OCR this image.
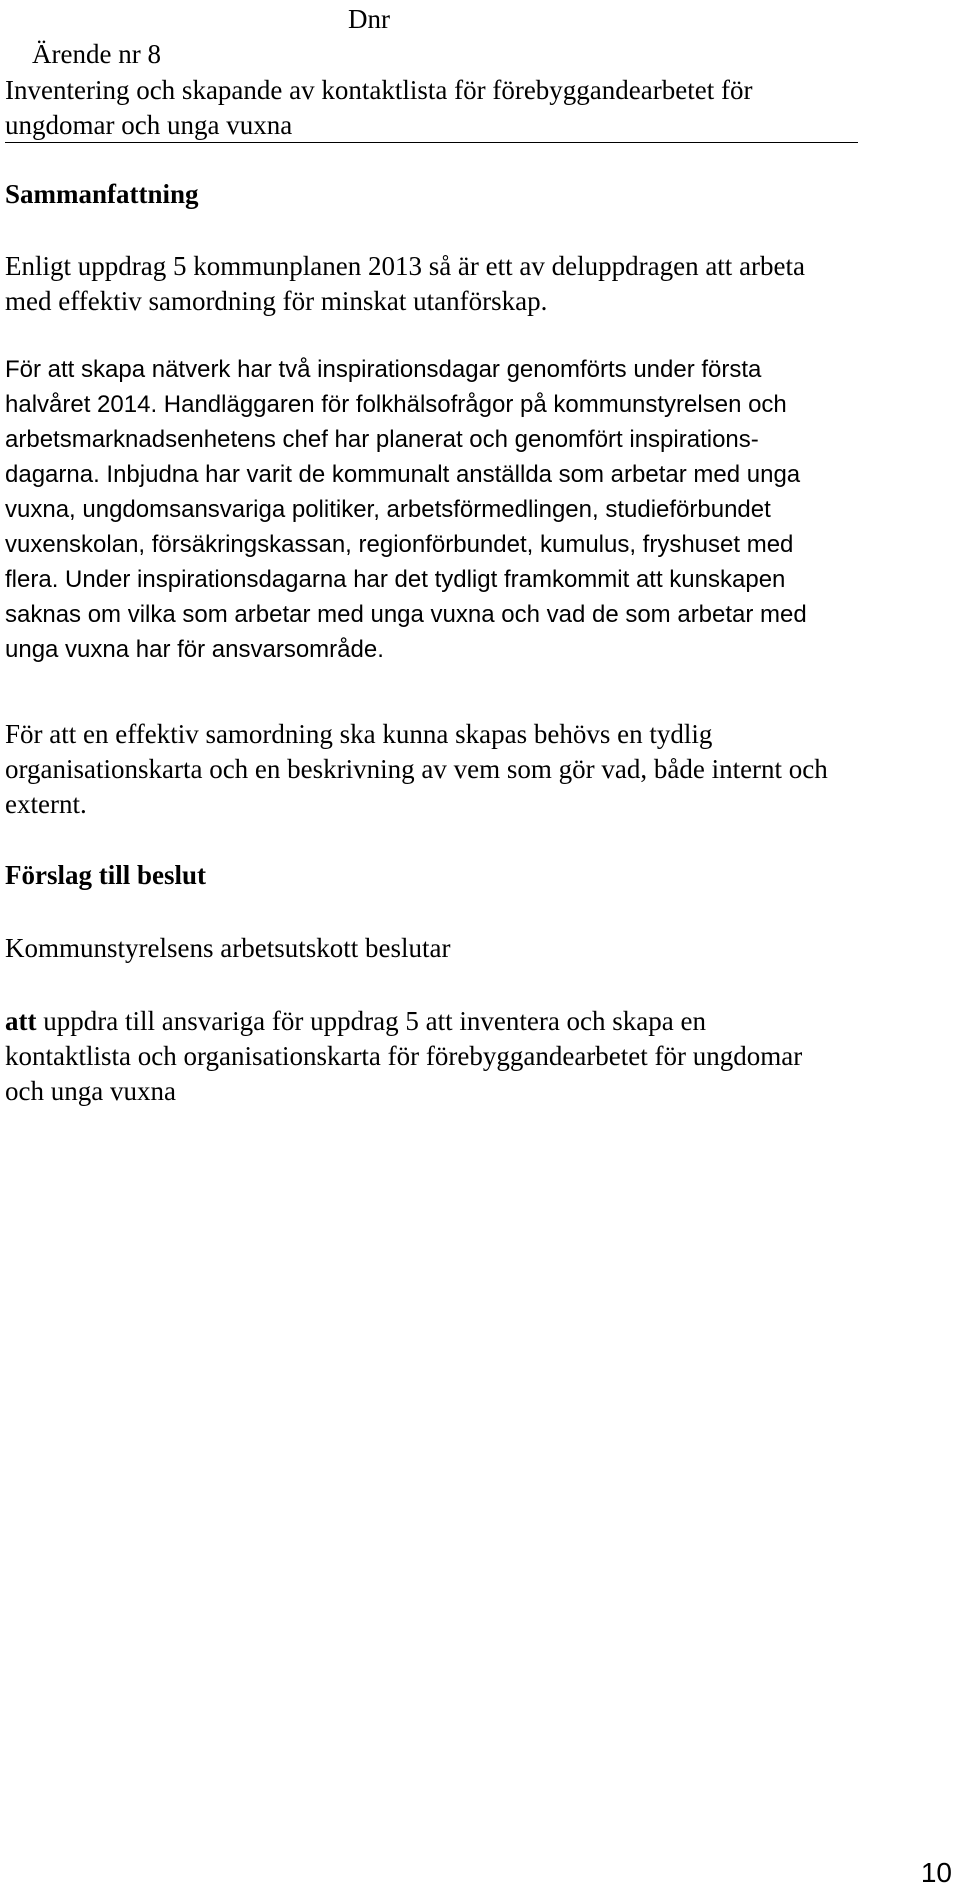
Ärende nr 8

Dnr

Inventering och skapande av kontaktlista för förebyggandearbetet för
ungdomar och unga vuxna
Sammanfattning
Enligt uppdrag 5 kommunplanen 2013 så är ett av deluppdragen att arbeta
med effektiv samordning för minskat utanförskap.
För att skapa nätverk har två inspirationsdagar genomförts under första
halvåret 2014. Handläggaren för folkhälsofrågor på kommunstyrelsen och
arbetsmarknadsenhetens chef har planerat och genomfört inspirations-
dagarna. Inbjudna har varit de kommunalt anställda som arbetar med unga
vuxna, ungdomsansvariga politiker, arbetsförmedlingen, studieförbundet
vuxenskolan, försäkringskassan, regionförbundet, kumulus, fryshuset med
flera. Under inspirationsdagarna har det tydligt framkommit att kunskapen
saknas om vilka som arbetar med unga vuxna och vad de som arbetar med
unga vuxna har för ansvarsområde.
För att en effektiv samordning ska kunna skapas behövs en tydlig
organisationskarta och en beskrivning av vem som gör vad, både internt och
externt.
Förslag till beslut
Kommunstyrelsens arbetsutskott beslutar
att uppdra till ansvariga för uppdrag 5 att inventera och skapa en
kontaktlista och organisationskarta för förebyggandearbetet för ungdomar
och unga vuxna
10
